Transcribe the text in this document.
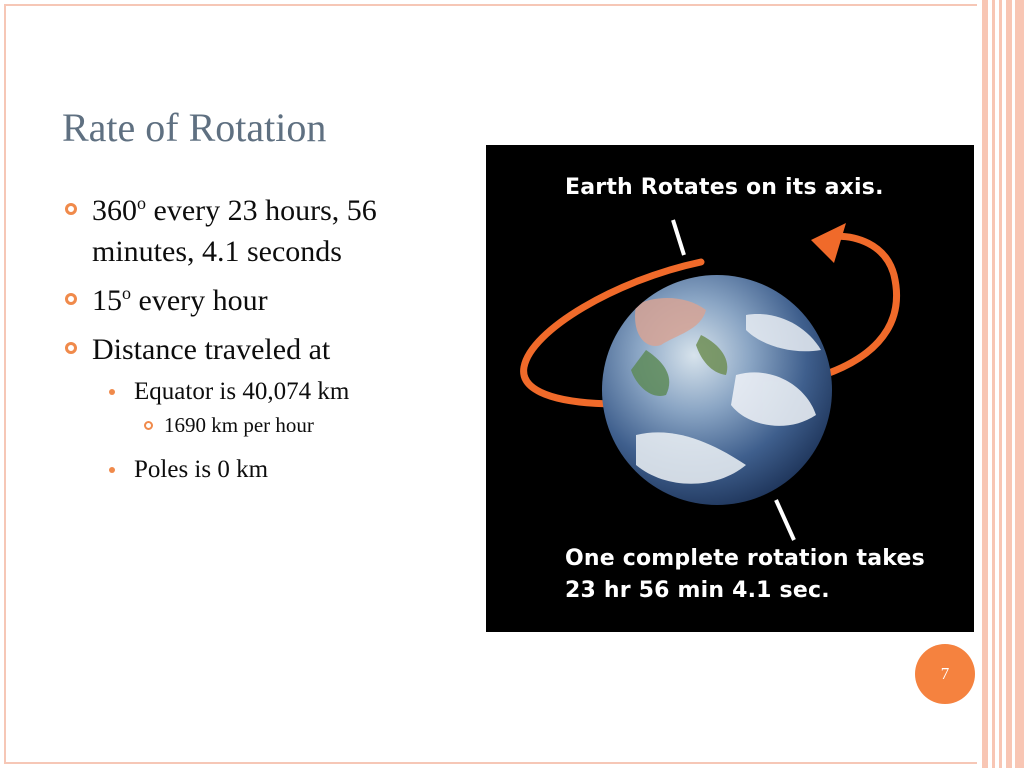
Rate of Rotation
360$^o$ every 23 hours, 56 minutes, 4.1 seconds
15$^o$ every hour
Distance traveled at
Equator is 40,074 km
1690 km per hour
Poles is 0 km
Earth Rotates on its axis.
One complete rotation takes
23 hr 56 min 4.1 sec.
7
